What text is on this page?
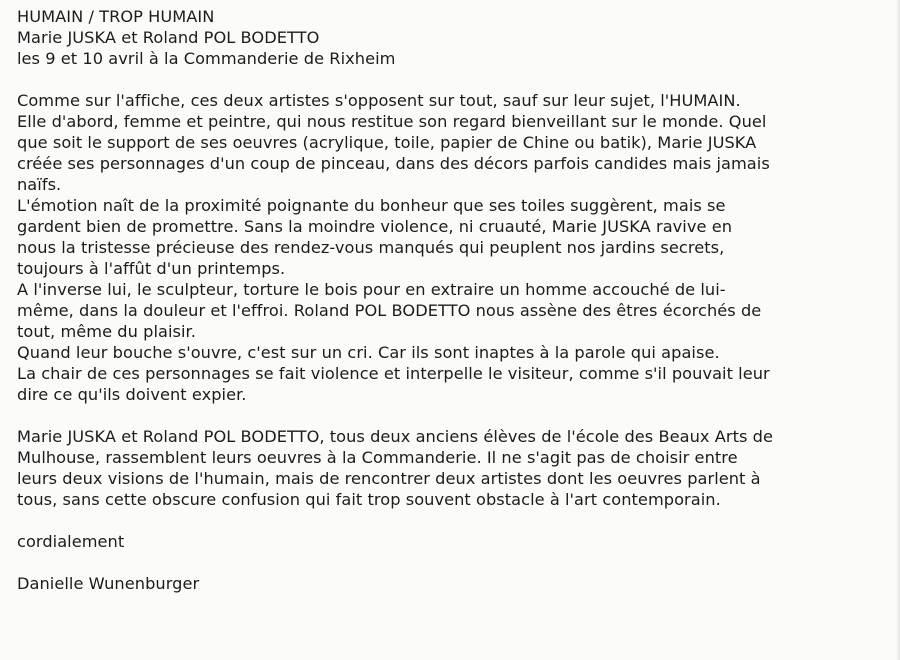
HUMAIN / TROP HUMAIN
Marie JUSKA et Roland POL BODETTO
les 9 et 10 avril à la Commanderie de Rixheim
Comme sur l'affiche, ces deux artistes s'opposent sur tout, sauf sur leur sujet, l'HUMAIN.
Elle d'abord, femme et peintre, qui nous restitue son regard bienveillant sur le monde. Quel
que soit le support de ses oeuvres (acrylique, toile, papier de Chine ou batik), Marie JUSKA
créée ses personnages d'un coup de pinceau, dans des décors parfois candides mais jamais
naïfs.
L'émotion naît de la proximité poignante du bonheur que ses toiles suggèrent, mais se
gardent bien de promettre. Sans la moindre violence, ni cruauté, Marie JUSKA ravive en
nous la tristesse précieuse des rendez-vous manqués qui peuplent nos jardins secrets,
toujours à l'affût d'un printemps.
A l'inverse lui, le sculpteur, torture le bois pour en extraire un homme accouché de lui-
même, dans la douleur et l'effroi. Roland POL BODETTO nous assène des êtres écorchés de
tout, même du plaisir.
Quand leur bouche s'ouvre, c'est sur un cri. Car ils sont inaptes à la parole qui apaise.
La chair de ces personnages se fait violence et interpelle le visiteur, comme s'il pouvait leur
dire ce qu'ils doivent expier.
Marie JUSKA et Roland POL BODETTO, tous deux anciens élèves de l'école des Beaux Arts de
Mulhouse, rassemblent leurs oeuvres à la Commanderie. Il ne s'agit pas de choisir entre
leurs deux visions de l'humain, mais de rencontrer deux artistes dont les oeuvres parlent à
tous, sans cette obscure confusion qui fait trop souvent obstacle à l'art contemporain.
cordialement
Danielle Wunenburger
